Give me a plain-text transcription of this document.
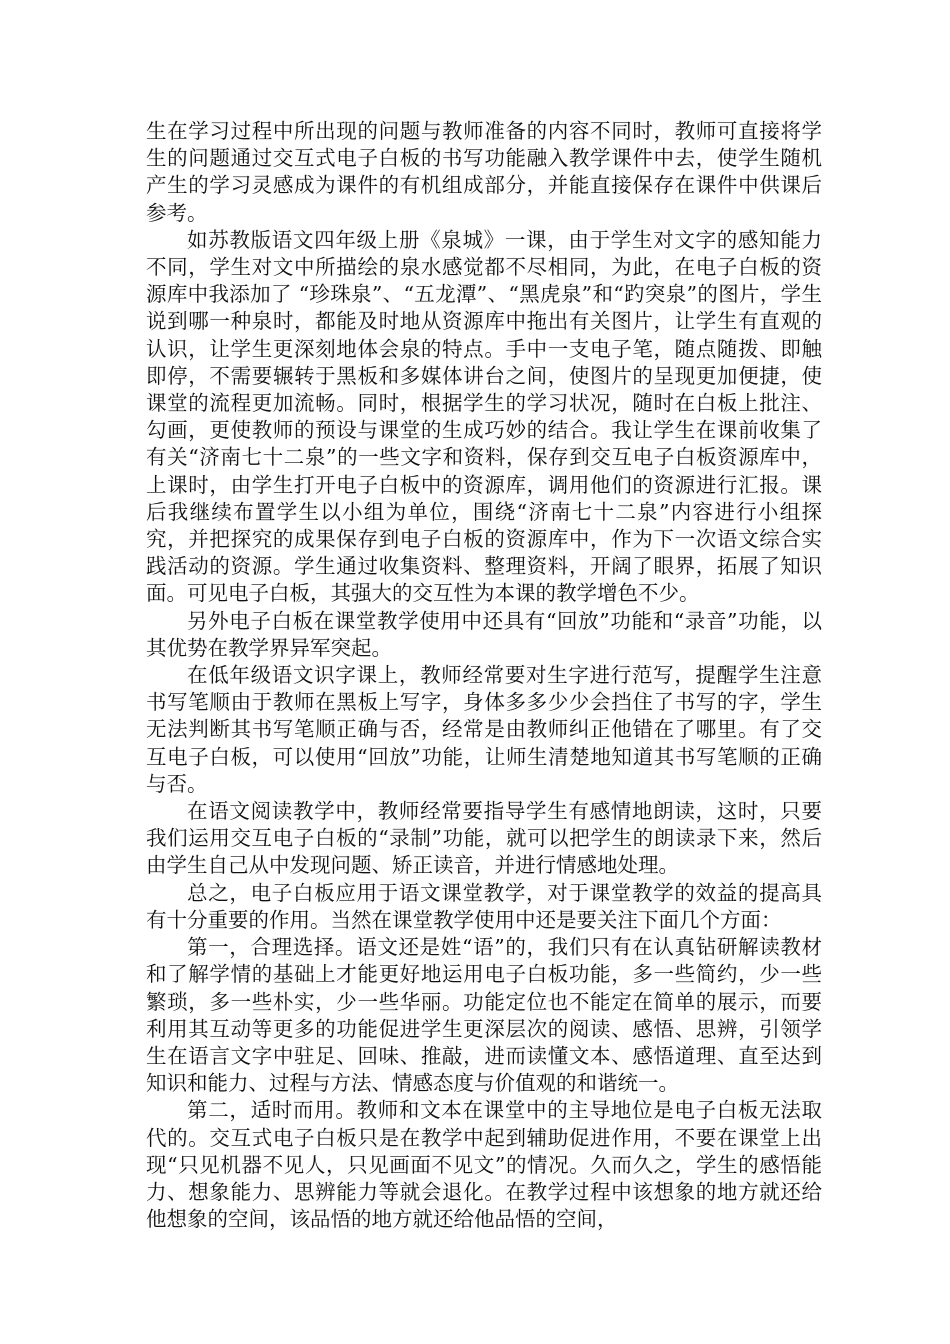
生在学习过程中所出现的问题与教师准备的内容不同时，教师可直接将学生的问题通过交互式电子白板的书写功能融入教学课件中去，使学生随机产生的学习灵感成为课件的有机组成部分，并能直接保存在课件中供课后参考。

如苏教版语文四年级上册《泉城》一课，由于学生对文字的感知能力不同，学生对文中所描绘的泉水感觉都不尽相同，为此，在电子白板的资源库中我添加了 “珍珠泉”、“五龙潭”、“黑虎泉”和“趵突泉”的图片，学生说到哪一种泉时，都能及时地从资源库中拖出有关图片，让学生有直观的认识，让学生更深刻地体会泉的特点。手中一支电子笔，随点随拨、即触即停，不需要辗转于黑板和多媒体讲台之间，使图片的呈现更加便捷，使课堂的流程更加流畅。同时，根据学生的学习状况，随时在白板上批注、勾画，更使教师的预设与课堂的生成巧妙的结合。我让学生在课前收集了有关“济南七十二泉”的一些文字和资料，保存到交互电子白板资源库中，上课时，由学生打开电子白板中的资源库，调用他们的资源进行汇报。课后我继续布置学生以小组为单位，围绕“济南七十二泉”内容进行小组探究，并把探究的成果保存到电子白板的资源库中，作为下一次语文综合实践活动的资源。学生通过收集资料、整理资料，开阔了眼界，拓展了知识面。可见电子白板，其强大的交互性为本课的教学增色不少。

另外电子白板在课堂教学使用中还具有“回放”功能和“录音”功能，以其优势在教学界异军突起。

在低年级语文识字课上，教师经常要对生字进行范写，提醒学生注意书写笔顺由于教师在黑板上写字，身体多多少少会挡住了书写的字，学生无法判断其书写笔顺正确与否，经常是由教师纠正他错在了哪里。有了交互电子白板，可以使用“回放”功能，让师生清楚地知道其书写笔顺的正确与否。

在语文阅读教学中，教师经常要指导学生有感情地朗读，这时，只要我们运用交互电子白板的“录制”功能，就可以把学生的朗读录下来，然后由学生自己从中发现问题、矫正读音，并进行情感地处理。

总之，电子白板应用于语文课堂教学，对于课堂教学的效益的提高具有十分重要的作用。当然在课堂教学使用中还是要关注下面几个方面：

第一，合理选择。语文还是姓“语”的，我们只有在认真钻研解读教材和了解学情的基础上才能更好地运用电子白板功能，多一些简约，少一些繁琐，多一些朴实，少一些华丽。功能定位也不能定在简单的展示，而要利用其互动等更多的功能促进学生更深层次的阅读、感悟、思辨，引领学生在语言文字中驻足、回味、推敲，进而读懂文本、感悟道理、直至达到知识和能力、过程与方法、情感态度与价值观的和谐统一。

第二，适时而用。教师和文本在课堂中的主导地位是电子白板无法取代的。交互式电子白板只是在教学中起到辅助促进作用，不要在课堂上出现“只见机器不见人，只见画面不见文”的情况。久而久之，学生的感悟能力、想象能力、思辨能力等就会退化。在教学过程中该想象的地方就还给他想象的空间，该品悟的地方就还给他品悟的空间，
